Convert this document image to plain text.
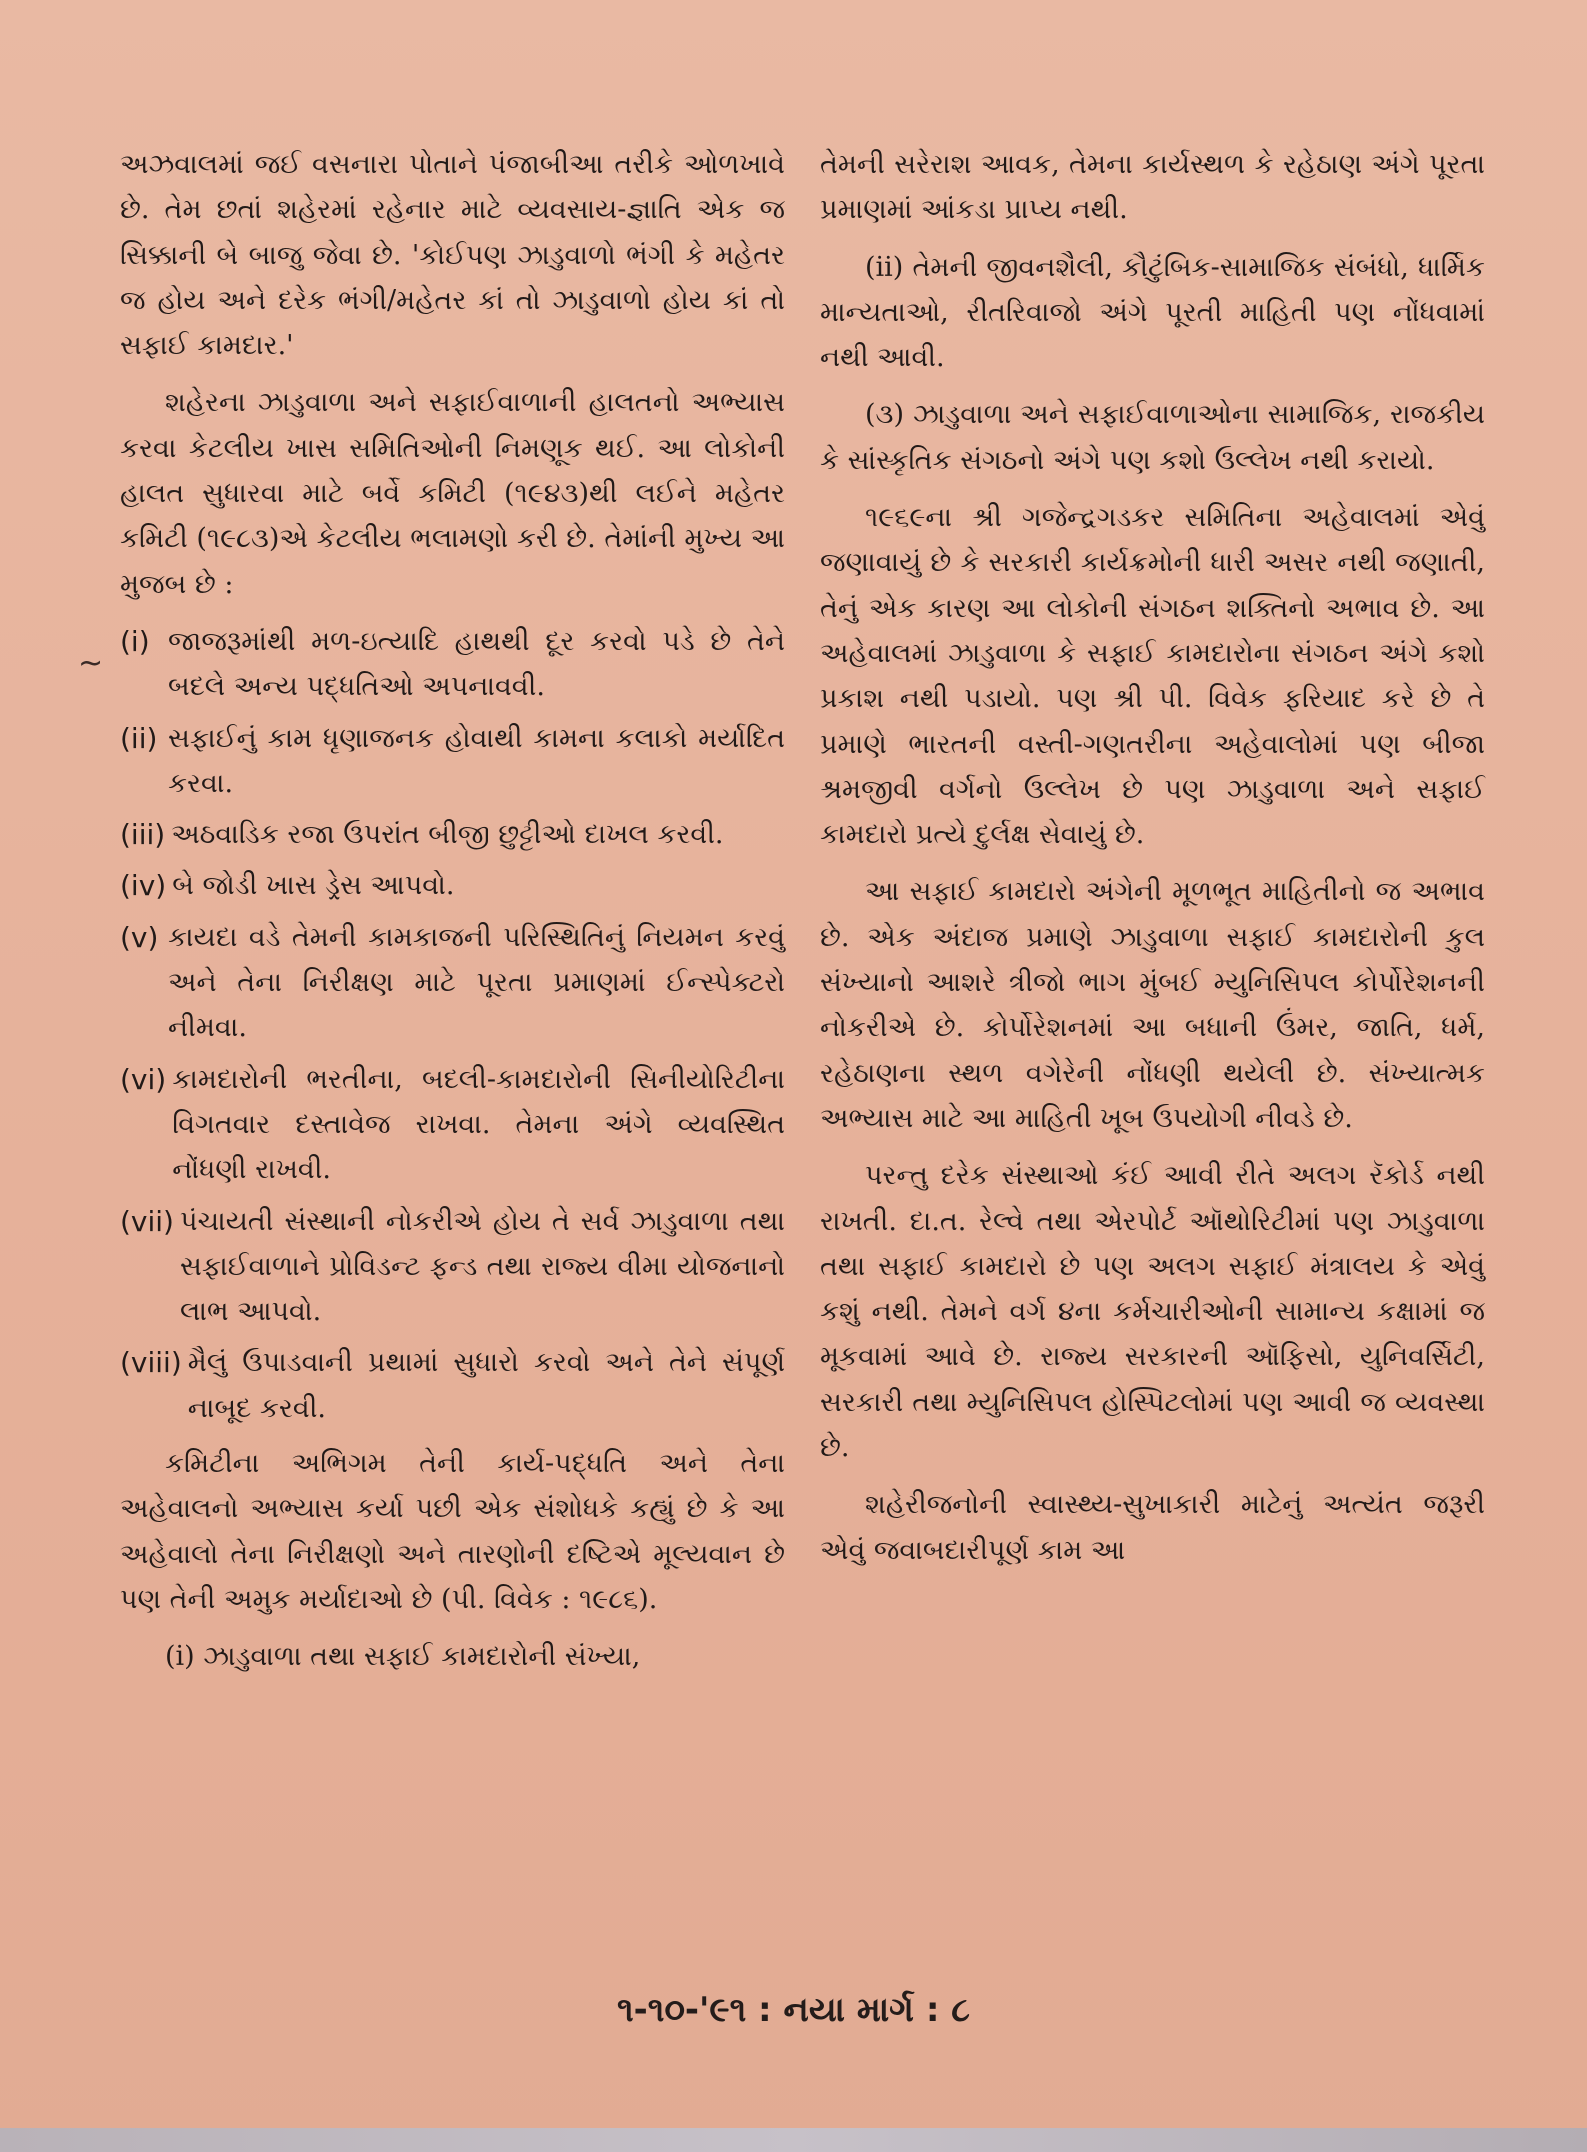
~

અઝવાલમાં જઈ વસનારા પોતાને પંજાબીઆ તરીકે ઓળખાવે છે. તેમ છતાં શહેરમાં રહેનાર માટે વ્યવસાય-જ્ઞાતિ એક જ સિક્કાની બે બાજુ જેવા છે. 'કોઈપણ ઝાડુવાળો ભંગી કે મહેતર જ હોય અને દરેક ભંગી/મહેતર કાં તો ઝાડુવાળો હોય કાં તો સફાઈ કામદાર.'

શહેરના ઝાડુવાળા અને સફાઈવાળાની હાલતનો અભ્યાસ કરવા કેટલીય ખાસ સમિતિઓની નિમણૂક થઈ. આ લોકોની હાલત સુધારવા માટે બર્વે કમિટી (૧૯૪૩)થી લઈને મહેતર કમિટી (૧૯૮૩)એ કેટલીય ભલામણો કરી છે. તેમાંની મુખ્ય આ મુજબ છે :

(i) જાજરૂમાંથી મળ-ઇત્યાદિ હાથથી દૂર કરવો પડે છે તેને બદલે અન્ય પદ્ધતિઓ અપનાવવી.
(ii) સફાઈનું કામ ધૃણાજનક હોવાથી કામના કલાકો મર્યાદિત કરવા.
(iii) અઠવાડિક રજા ઉપરાંત બીજી છુટ્ટીઓ દાખલ કરવી.
(iv) બે જોડી ખાસ ડ્રેસ આપવો.
(v) કાયદા વડે તેમની કામકાજની પરિસ્થિતિનું નિયમન કરવું અને તેના નિરીક્ષણ માટે પૂરતા પ્રમાણમાં ઈન્સ્પેક્ટરો નીમવા.
(vi) કામદારોની ભરતીના, બદલી-કામદારોની સિનીયોરિટીના વિગતવાર દસ્તાવેજ રાખવા. તેમના અંગે વ્યવસ્થિત નોંધણી રાખવી.
(vii) પંચાયતી સંસ્થાની નોકરીએ હોય તે સર્વ ઝાડુવાળા તથા સફાઈવાળાને પ્રોવિડન્ટ ફન્ડ તથા રાજ્ય વીમા યોજનાનો લાભ આપવો.
(viii) મૈલું ઉપાડવાની પ્રથામાં સુધારો કરવો અને તેને સંપૂર્ણ નાબૂદ કરવી.

કમિટીના અભિગમ તેની કાર્ય-પદ્ધતિ અને તેના અહેવાલનો અભ્યાસ કર્યા પછી એક સંશોધકે કહ્યું છે કે આ અહેવાલો તેના નિરીક્ષણો અને તારણોની દષ્ટિએ મૂલ્યવાન છે પણ તેની અમુક મર્યાદાઓ છે (પી. વિવેક : ૧૯૮૬).

(i) ઝાડુવાળા તથા સફાઈ કામદારોની સંખ્યા,

તેમની સરેરાશ આવક, તેમના કાર્યસ્થળ કે રહેઠાણ અંગે પૂરતા પ્રમાણમાં આંકડા પ્રાપ્ય નથી.

(ii) તેમની જીવનશૈલી, કૌટુંબિક-સામાજિક સંબંધો, ધાર્મિક માન્યતાઓ, રીતરિવાજો અંગે પૂરતી માહિતી પણ નોંધવામાં નથી આવી.

(૩) ઝાડુવાળા અને સફાઈવાળાઓના સામાજિક, રાજકીય કે સાંસ્કૃતિક સંગઠનો અંગે પણ કશો ઉલ્લેખ નથી કરાયો.

૧૯૬૯ના શ્રી ગજેન્દ્રગડકર સમિતિના અહેવાલમાં એવું જણાવાયું છે કે સરકારી કાર્યક્રમોની ધારી અસર નથી જણાતી, તેનું એક કારણ આ લોકોની સંગઠન શક્તિનો અભાવ છે. આ અહેવાલમાં ઝાડુવાળા કે સફાઈ કામદારોના સંગઠન અંગે કશો પ્રકાશ નથી પડાયો. પણ શ્રી પી. વિવેક ફરિયાદ કરે છે તે પ્રમાણે ભારતની વસ્તી-ગણતરીના અહેવાલોમાં પણ બીજા શ્રમજીવી વર્ગનો ઉલ્લેખ છે પણ ઝાડુવાળા અને સફાઈ કામદારો પ્રત્યે દુર્લક્ષ સેવાયું છે.

આ સફાઈ કામદારો અંગેની મૂળભૂત માહિતીનો જ અભાવ છે. એક અંદાજ પ્રમાણે ઝાડુવાળા સફાઈ કામદારોની કુલ સંખ્યાનો આશરે ત્રીજો ભાગ મુંબઈ મ્યુનિસિપલ કોર્પોરેશનની નોકરીએ છે. કોર્પોરેશનમાં આ બધાની ઉંમર, જાતિ, ધર્મ, રહેઠાણના સ્થળ વગેરેની નોંધણી થયેલી છે. સંખ્યાત્મક અભ્યાસ માટે આ માહિતી ખૂબ ઉપયોગી નીવડે છે.

પરન્તુ દરેક સંસ્થાઓ કંઈ આવી રીતે અલગ રૅકોર્ડ નથી રાખતી. દા.ત. રેલ્વે તથા એરપોર્ટ ઑથોરિટીમાં પણ ઝાડુવાળા તથા સફાઈ કામદારો છે પણ અલગ સફાઈ મંત્રાલય કે એવું કશું નથી. તેમને વર્ગ ૪ના કર્મચારીઓની સામાન્ય કક્ષામાં જ મૂકવામાં આવે છે. રાજ્ય સરકારની ઑફિસો, યુનિવર્સિટી, સરકારી તથા મ્યુનિસિપલ હોસ્પિટલોમાં પણ આવી જ વ્યવસ્થા છે.

શહેરીજનોની સ્વાસ્થ્ય-સુખાકારી માટેનું અત્યંત જરૂરી એવું જવાબદારીપૂર્ણ કામ આ

૧-૧૦-'૯૧ : નયા માર્ગ : ૮
